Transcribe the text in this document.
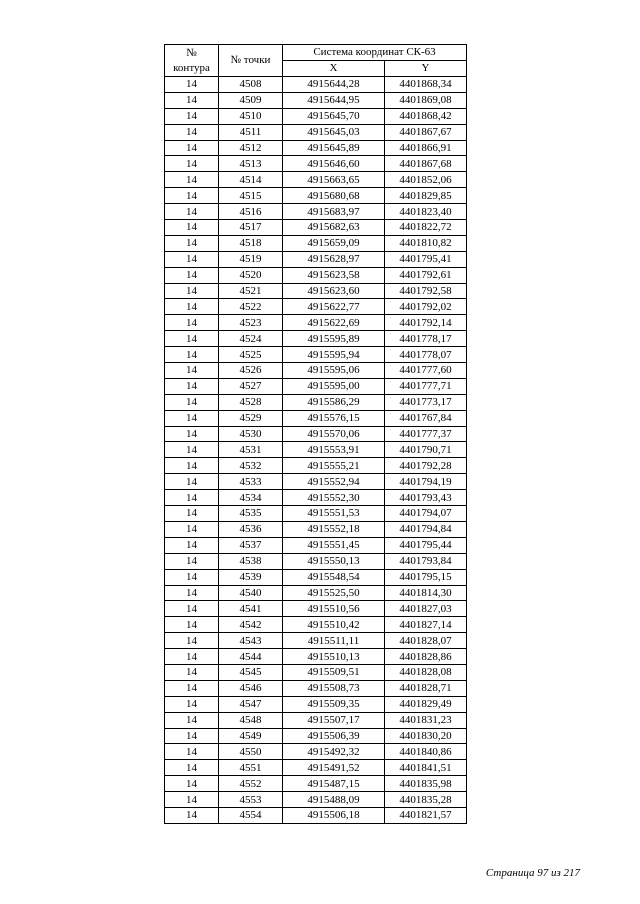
№
контура	№ точки	Система координат СК-63	
		X	Y
14	4508	4915644,28	4401868,34
14	4509	4915644,95	4401869,08
14	4510	4915645,70	4401868,42
14	4511	4915645,03	4401867,67
14	4512	4915645,89	4401866,91
14	4513	4915646,60	4401867,68
14	4514	4915663,65	4401852,06
14	4515	4915680,68	4401829,85
14	4516	4915683,97	4401823,40
14	4517	4915682,63	4401822,72
14	4518	4915659,09	4401810,82
14	4519	4915628,97	4401795,41
14	4520	4915623,58	4401792,61
14	4521	4915623,60	4401792,58
14	4522	4915622,77	4401792,02
14	4523	4915622,69	4401792,14
14	4524	4915595,89	4401778,17
14	4525	4915595,94	4401778,07
14	4526	4915595,06	4401777,60
14	4527	4915595,00	4401777,71
14	4528	4915586,29	4401773,17
14	4529	4915576,15	4401767,84
14	4530	4915570,06	4401777,37
14	4531	4915553,91	4401790,71
14	4532	4915555,21	4401792,28
14	4533	4915552,94	4401794,19
14	4534	4915552,30	4401793,43
14	4535	4915551,53	4401794,07
14	4536	4915552,18	4401794,84
14	4537	4915551,45	4401795,44
14	4538	4915550,13	4401793,84
14	4539	4915548,54	4401795,15
14	4540	4915525,50	4401814,30
14	4541	4915510,56	4401827,03
14	4542	4915510,42	4401827,14
14	4543	4915511,11	4401828,07
14	4544	4915510,13	4401828,86
14	4545	4915509,51	4401828,08
14	4546	4915508,73	4401828,71
14	4547	4915509,35	4401829,49
14	4548	4915507,17	4401831,23
14	4549	4915506,39	4401830,20
14	4550	4915492,32	4401840,86
14	4551	4915491,52	4401841,51
14	4552	4915487,15	4401835,98
14	4553	4915488,09	4401835,28
14	4554	4915506,18	4401821,57
Страница 97 из 217
